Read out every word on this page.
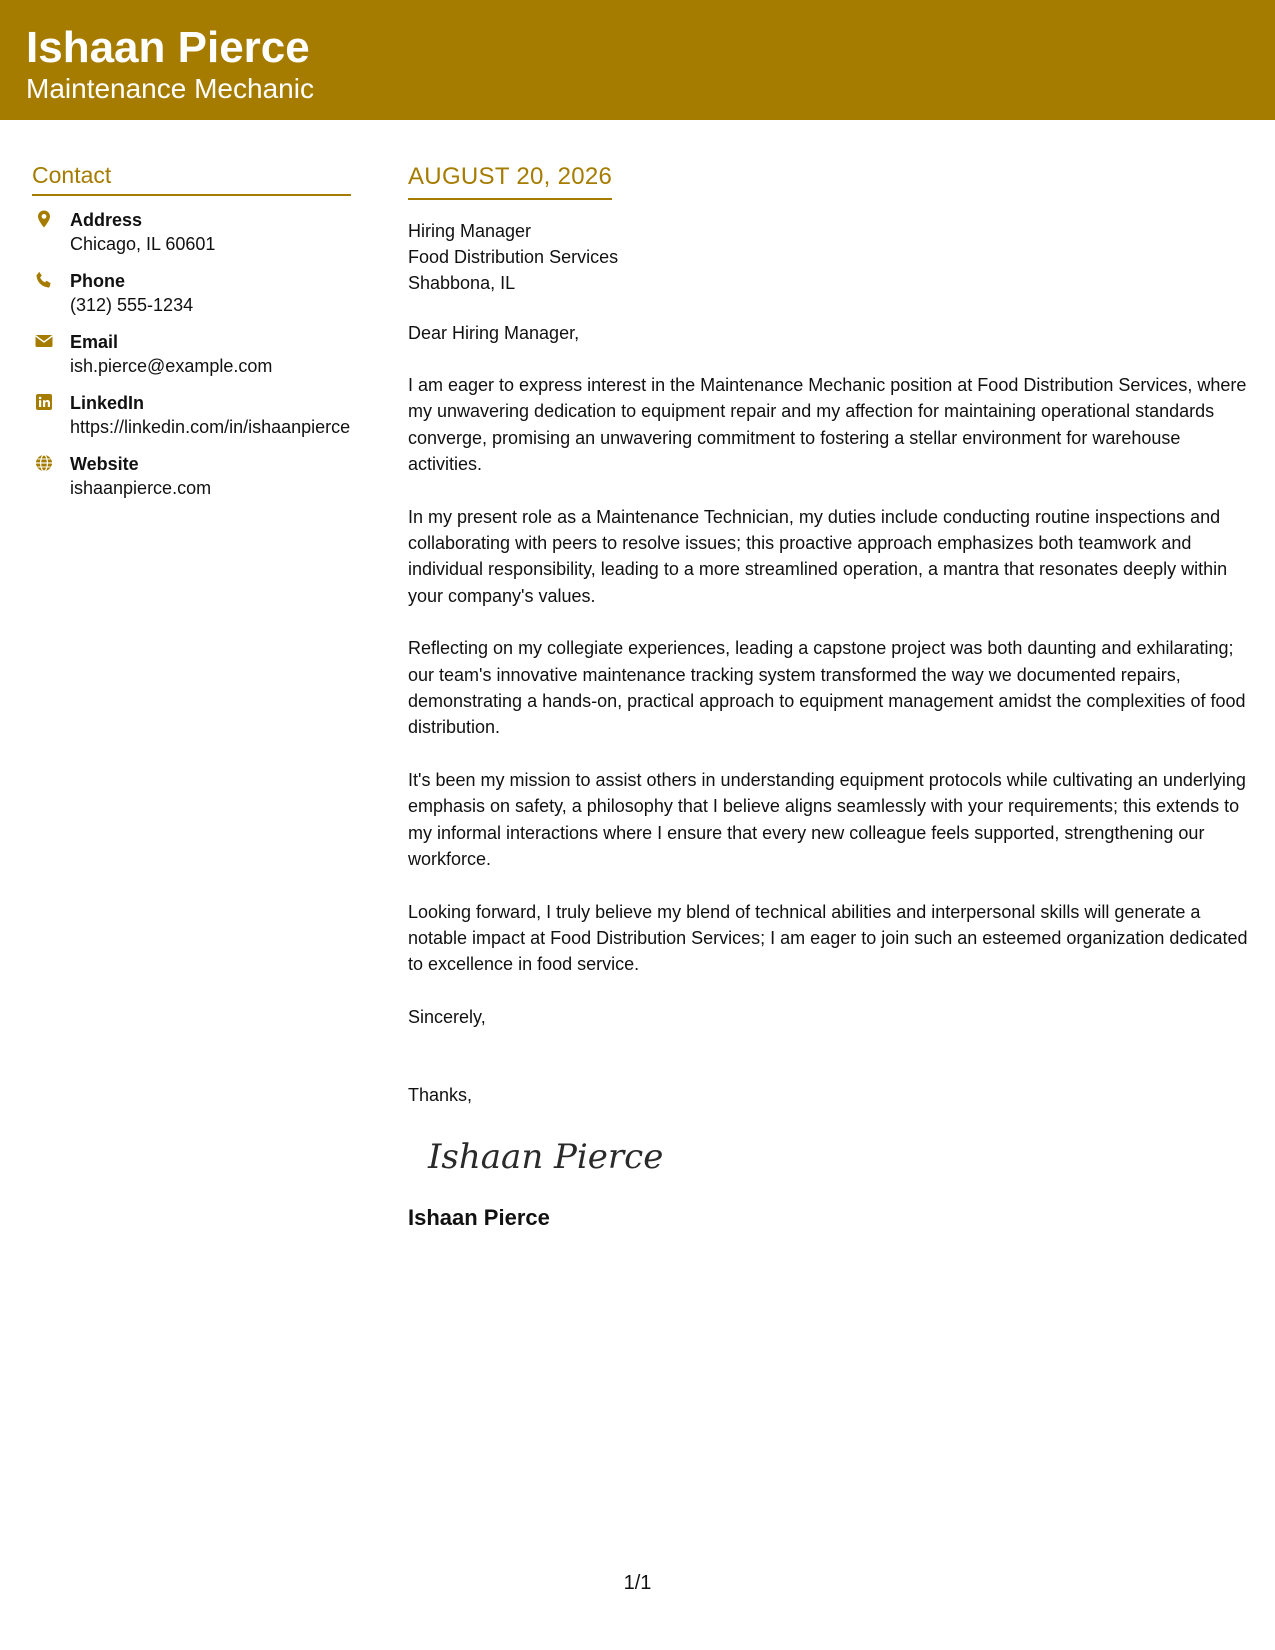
Ishaan Pierce
Maintenance Mechanic
Contact
Address
Chicago, IL 60601
Phone
(312) 555-1234
Email
ish.pierce@example.com
LinkedIn
https://linkedin.com/in/ishaanpierce
Website
ishaanpierce.com
AUGUST 20, 2026
Hiring Manager
Food Distribution Services
Shabbona, IL
Dear Hiring Manager,
I am eager to express interest in the Maintenance Mechanic position at Food Distribution Services, where my unwavering dedication to equipment repair and my affection for maintaining operational standards converge, promising an unwavering commitment to fostering a stellar environment for warehouse activities.
In my present role as a Maintenance Technician, my duties include conducting routine inspections and collaborating with peers to resolve issues; this proactive approach emphasizes both teamwork and individual responsibility, leading to a more streamlined operation, a mantra that resonates deeply within your company's values.
Reflecting on my collegiate experiences, leading a capstone project was both daunting and exhilarating; our team's innovative maintenance tracking system transformed the way we documented repairs, demonstrating a hands-on, practical approach to equipment management amidst the complexities of food distribution.
It's been my mission to assist others in understanding equipment protocols while cultivating an underlying emphasis on safety, a philosophy that I believe aligns seamlessly with your requirements; this extends to my informal interactions where I ensure that every new colleague feels supported, strengthening our workforce.
Looking forward, I truly believe my blend of technical abilities and interpersonal skills will generate a notable impact at Food Distribution Services; I am eager to join such an esteemed organization dedicated to excellence in food service.
Sincerely,
Thanks,
Ishaan Pierce
Ishaan Pierce
1/1
